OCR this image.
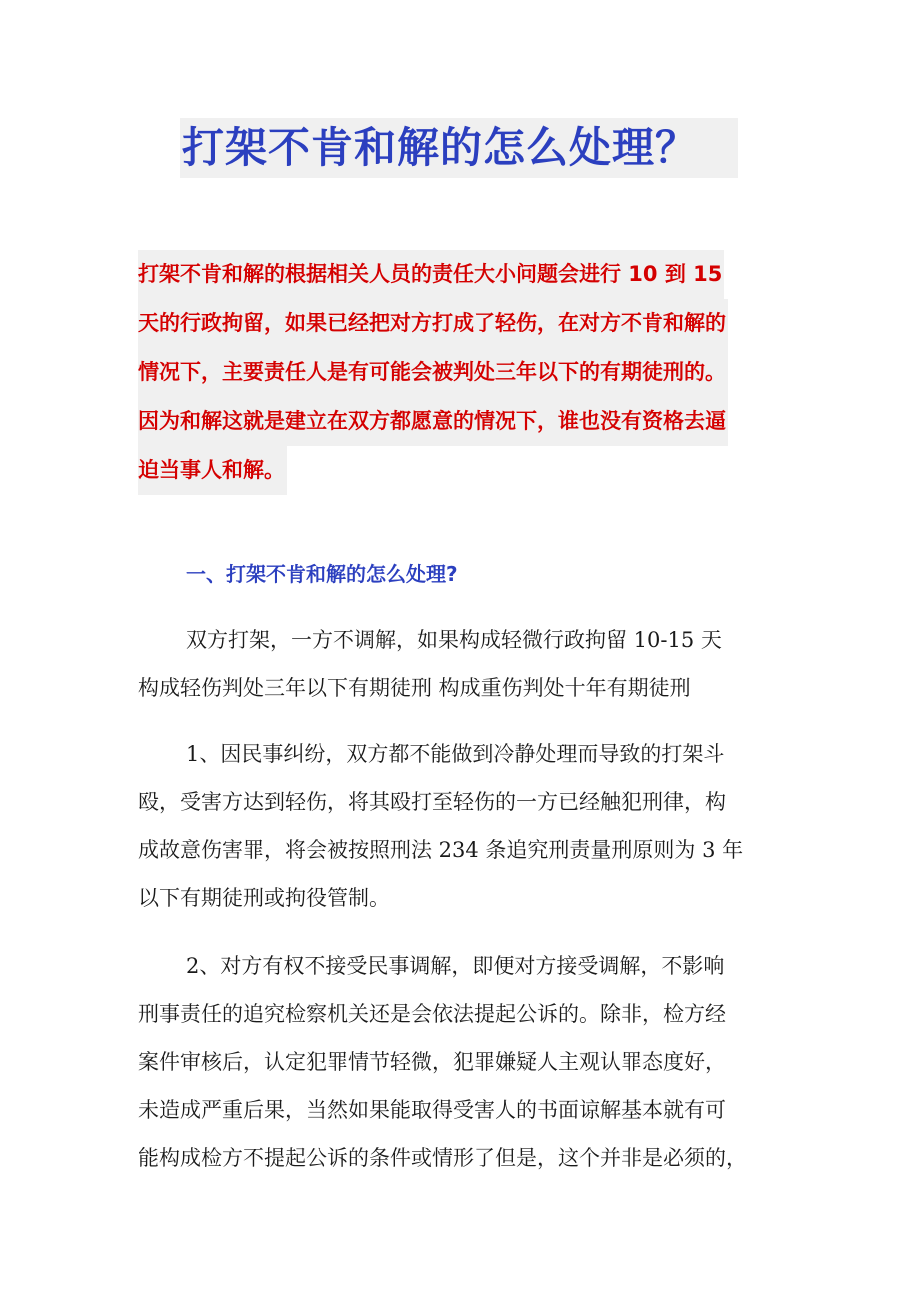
打架不肯和解的怎么处理？
打架不肯和解的根据相关人员的责任大小问题会进行 10 到 15
天的行政拘留，如果已经把对方打成了轻伤，在对方不肯和解的
情况下，主要责任人是有可能会被判处三年以下的有期徒刑的。
因为和解这就是建立在双方都愿意的情况下，谁也没有资格去逼
迫当事人和解。
一、打架不肯和解的怎么处理?
双方打架，一方不调解，如果构成轻微行政拘留 10-15 天
构成轻伤判处三年以下有期徒刑 构成重伤判处十年有期徒刑
1、因民事纠纷，双方都不能做到冷静处理而导致的打架斗
殴，受害方达到轻伤，将其殴打至轻伤的一方已经触犯刑律，构
成故意伤害罪，将会被按照刑法 234 条追究刑责量刑原则为 3 年
以下有期徒刑或拘役管制。
2、对方有权不接受民事调解，即便对方接受调解，不影响
刑事责任的追究检察机关还是会依法提起公诉的。除非，检方经
案件审核后，认定犯罪情节轻微，犯罪嫌疑人主观认罪态度好，
未造成严重后果，当然如果能取得受害人的书面谅解基本就有可
能构成检方不提起公诉的条件或情形了但是，这个并非是必须的，
